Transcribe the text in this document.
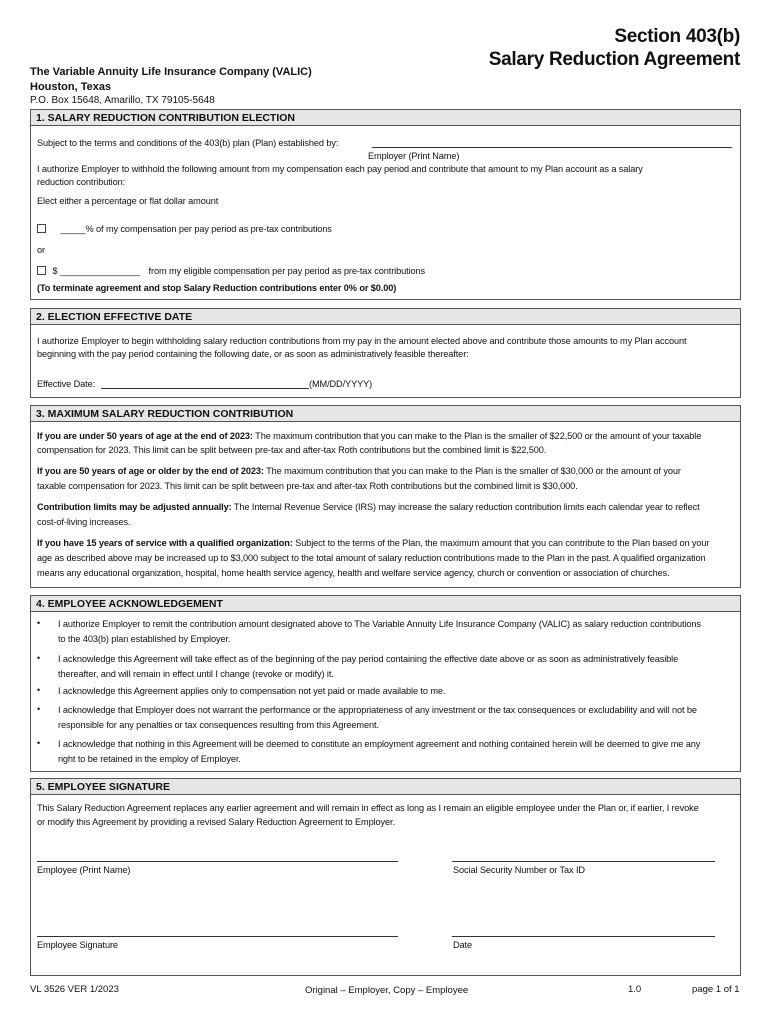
Section 403(b)
Salary Reduction Agreement
The Variable Annuity Life Insurance Company (VALIC)
Houston, Texas
P.O. Box 15648, Amarillo, TX 79105-5648
1. SALARY REDUCTION CONTRIBUTION ELECTION
Subject to the terms and conditions of the 403(b) plan (Plan) established by:
Employer (Print Name)
I authorize Employer to withhold the following amount from my compensation each pay period and contribute that amount to my Plan account as a salary
reduction contribution:
Elect either a percentage or flat dollar amount
_____% of my compensation per pay period as pre-tax contributions
or
$ ________________ from my eligible compensation per pay period as pre-tax contributions
(To terminate agreement and stop Salary Reduction contributions enter 0% or $0.00)
2. ELECTION EFFECTIVE DATE
I authorize Employer to begin withholding salary reduction contributions from my pay in the amount elected above and contribute those amounts to my Plan account
beginning with the pay period containing the following date, or as soon as administratively feasible thereafter:
Effective Date:	(MM/DD/YYYY)
3. MAXIMUM SALARY REDUCTION CONTRIBUTION
If you are under 50 years of age at the end of 2023: The maximum contribution that you can make to the Plan is the smaller of $22,500 or the amount of your taxable
compensation for 2023. This limit can be split between pre-tax and after-tax Roth contributions but the combined limit is $22,500.
If you are 50 years of age or older by the end of 2023: The maximum contribution that you can make to the Plan is the smaller of $30,000 or the amount of your
taxable compensation for 2023. This limit can be split between pre-tax and after-tax Roth contributions but the combined limit is $30,000.
Contribution limits may be adjusted annually: The Internal Revenue Service (IRS) may increase the salary reduction contribution limits each calendar year to reflect
cost-of-living increases.
If you have 15 years of service with a qualified organization: Subject to the terms of the Plan, the maximum amount that you can contribute to the Plan based on your
age as described above may be increased up to $3,000 subject to the total amount of salary reduction contributions made to the Plan in the past. A qualified organization
means any educational organization, hospital, home health service agency, health and welfare service agency, church or convention or association of churches.
4. EMPLOYEE ACKNOWLEDGEMENT
• I authorize Employer to remit the contribution amount designated above to The Variable Annuity Life Insurance Company (VALIC) as salary reduction contributions
to the 403(b) plan established by Employer.
• I acknowledge this Agreement will take effect as of the beginning of the pay period containing the effective date above or as soon as administratively feasible
thereafter, and will remain in effect until I change (revoke or modify) it.
• I acknowledge this Agreement applies only to compensation not yet paid or made available to me.
• I acknowledge that Employer does not warrant the performance or the appropriateness of any investment or the tax consequences or excludability and will not be
responsible for any penalties or tax consequences resulting from this Agreement.
• I acknowledge that nothing in this Agreement will be deemed to constitute an employment agreement and nothing contained herein will be deemed to give me any
right to be retained in the employ of Employer.
5. EMPLOYEE SIGNATURE
This Salary Reduction Agreement replaces any earlier agreement and will remain in effect as long as I remain an eligible employee under the Plan or, if earlier, I revoke
or modify this Agreement by providing a revised Salary Reduction Agreement to Employer.
Employee (Print Name)	Social Security Number or Tax ID
Employee Signature	Date
VL 3526 VER 1/2023	Original – Employer, Copy – Employee	1.0	page 1 of 1
